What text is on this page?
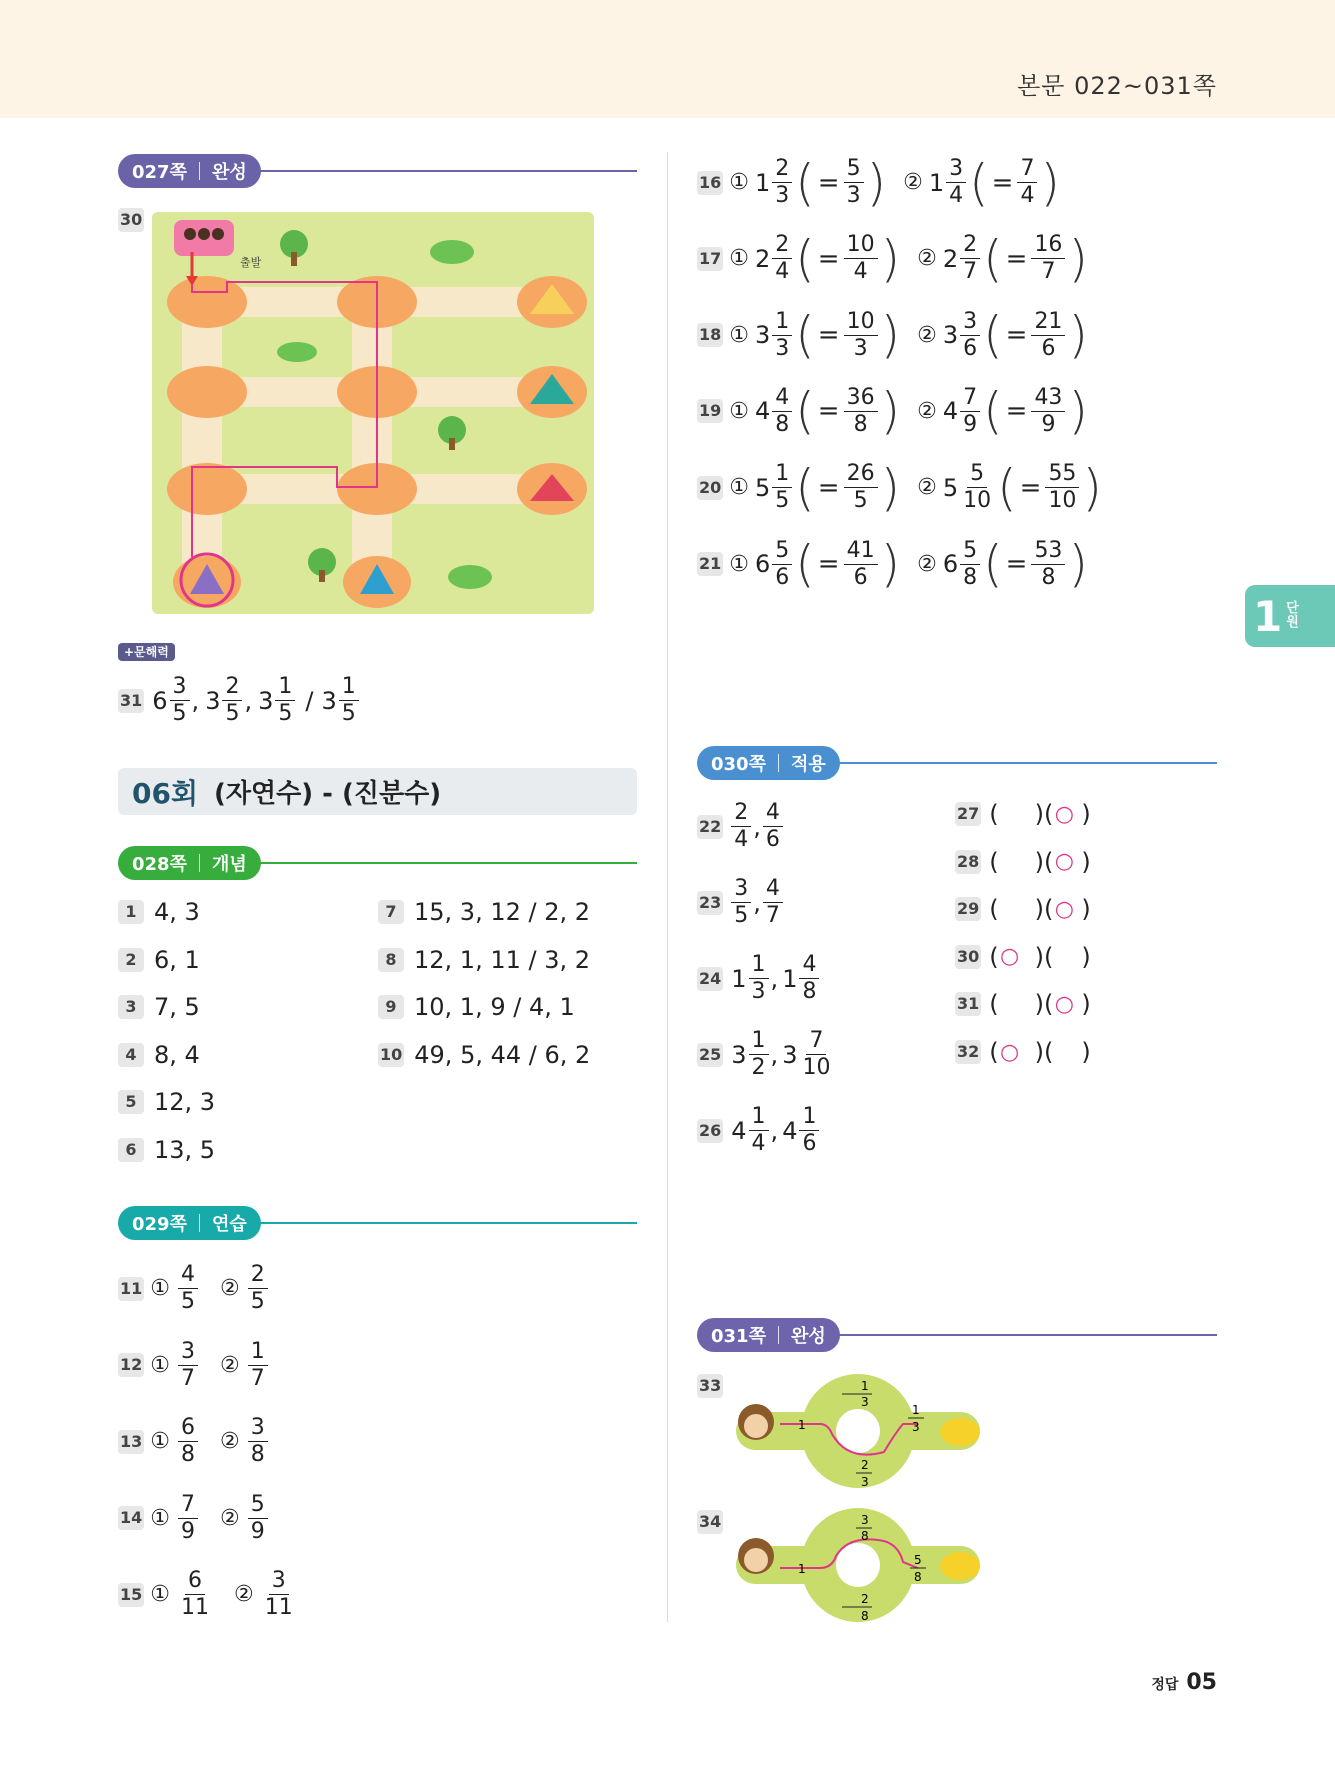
본문 022~031쪽
027쪽 완성
30
출발
+문해력
31 $6 \frac{3}{5}$ , $3 \frac{2}{5}$ , $3 \frac{1}{5} / 3 \frac{1}{5}$
06회 (자연수) - (진분수)
028쪽 개념
029쪽 연습
030쪽 적용
$22 \frac{2}{4}$ , $\frac{4}{6}$
$23 \frac{3}{5}$ , $\frac{4}{7}$
24 $1 \frac{1}{3}$ , $1 \frac{4}{8}$
25 $3 \frac{1}{2}$ , $3 \frac{7}{10}$
26 $4 \frac{1}{4}$ , $4 \frac{1}{6}$
031쪽 완성
33
1
1
3
2
3
1
3
34
1
3
8
2
8
5
8
1 단
원
정답 05
1 4, 3
2 6, 1
3 7, 5
4 8, 4
5 12, 3
6 13, 5
7 15, 3, 12 / 2, 2
8 12, 1, 11 / 3, 2
9 10, 1, 9 / 4, 1
10 49, 5, 44 / 6, 2
11 ① $\frac{4}{5}$ ② $\frac{2}{5}$
12 ① $\frac{3}{7}$ ② $\frac{1}{7}$
13 ① $\frac{6}{8}$ ② $\frac{3}{8}$
14 ① $\frac{7}{9}$ ② $\frac{5}{9}$
15 ① $\frac{6}{11}$ ② $\frac{3}{11}$
16 ① $1 \frac{2}{3}$ ( = $\frac{5}{3}$ ) ② $1 \frac{3}{4}$ ( = $\frac{7}{4}$ )
17 ① $2 \frac{2}{4}$ ( = $\frac{10}{4}$ ) ② $2 \frac{2}{7}$ ( = $\frac{16}{7}$ )
18 ① $3 \frac{1}{3}$ ( = $\frac{10}{3}$ ) ② $3 \frac{3}{6}$ ( = $\frac{21}{6}$ )
19 ① $4 \frac{4}{8}$ ( = $\frac{36}{8}$ ) ② $4 \frac{7}{9}$ ( = $\frac{43}{9}$ )
20 ① $5 \frac{1}{5}$ ( = $\frac{26}{5}$ ) ② $5 \frac{5}{10}$ ( = $\frac{55}{10}$ )
21 ① $6 \frac{5}{6}$ ( = $\frac{41}{6}$ ) ② $6 \frac{5}{8}$ ( = $\frac{53}{8}$ )
27 ( )( ○ )
28 ( )( ○ )
29 ( )( ○ )
30 ( ○ )( )
31 ( )( ○ )
32 ( ○ )( )
